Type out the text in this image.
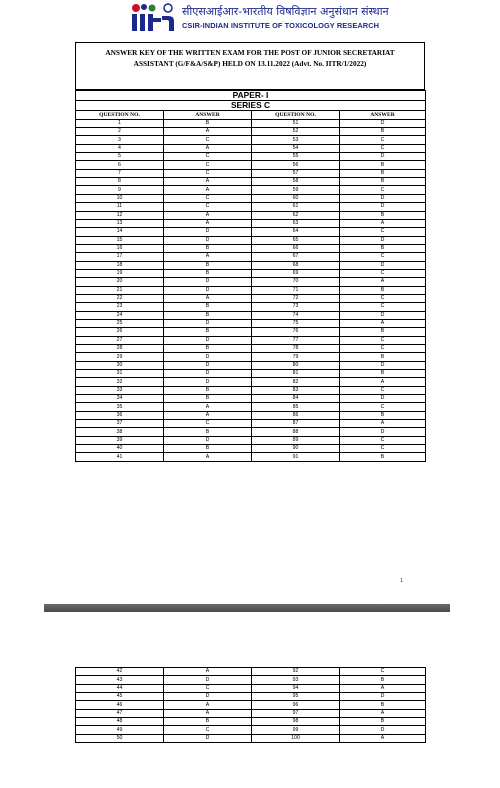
सीएसआईआर-भारतीय विषविज्ञान अनुसंधान संस्थान
CSIR-INDIAN INSTITUTE OF TOXICOLOGY RESEARCH
ANSWER KEY OF THE WRITTEN EXAM FOR THE POST OF JUNIOR SECRETARIAT ASSISTANT (G/F&A/S&P) HELD ON 13.11.2022 (Advt. No. IITR/1/2022)
PAPER- I			
SERIES C			
QUESTION NO.	ANSWER	QUESTION NO.	ANSWER
1	B	51	D
2	A	52	B
3	C	53	C
4	A	54	C
5	C	55	D
6	C	56	B
7	C	57	B
8	A	58	B
9	A	59	C
10	C	60	D
11	C	61	D
12	A	62	B
13	A	63	A
14	D	64	C
15	D	65	D
16	B	66	B
17	A	67	C
18	B	68	D
19	B	69	C
20	D	70	A
21	D	71	B
22	A	72	C
23	B	73	C
24	B	74	D
25	D	75	A
26	B	76	B
27	D	77	C
28	B	78	C
29	D	79	B
30	D	80	D
31	D	81	B
32	D	82	A
33	B	83	C
34	B	84	D
35	A	85	C
36	A	86	B
37	C	87	A
38	B	88	D
39	D	89	C
40	B	90	C
41	A	91	B
1
42	A	92	C
43	D	93	B
44	C	94	A
45	D	95	D
46	A	96	B
47	A	97	A
48	B	98	B
49	C	99	D
50	D	100	A
